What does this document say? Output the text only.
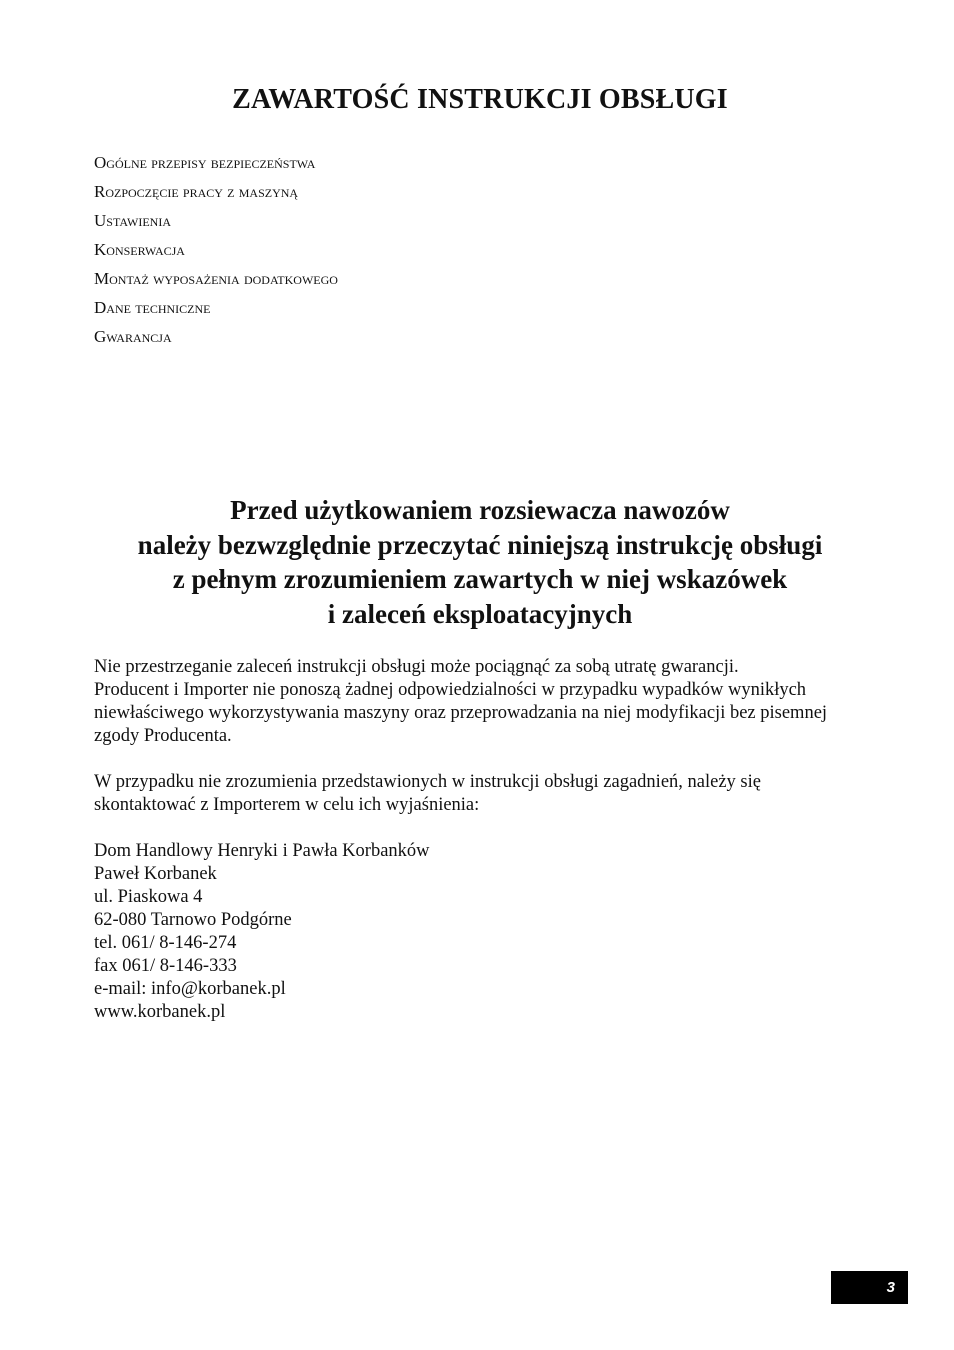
ZAWARTOŚĆ INSTRUKCJI OBSŁUGI
Ogólne przepisy bezpieczeństwa
Rozpoczęcie pracy z maszyną
Ustawienia
Konserwacja
Montaż wyposażenia dodatkowego
Dane techniczne
Gwarancja
Przed użytkowaniem rozsiewacza nawozów
należy bezwzględnie przeczytać niniejszą instrukcję obsługi
z pełnym zrozumieniem zawartych w niej wskazówek
i zaleceń eksploatacyjnych
Nie przestrzeganie zaleceń instrukcji obsługi może pociągnąć za sobą utratę gwarancji.
Producent i Importer nie ponoszą żadnej odpowiedzialności w przypadku wypadków wynikłych
niewłaściwego wykorzystywania maszyny oraz przeprowadzania na niej modyfikacji bez pisemnej
zgody Producenta.
W przypadku nie zrozumienia przedstawionych w instrukcji obsługi zagadnień, należy się
skontaktować z Importerem w celu ich wyjaśnienia:
Dom Handlowy Henryki i Pawła Korbanków
Paweł Korbanek
ul. Piaskowa 4
62-080 Tarnowo Podgórne
tel. 061/ 8-146-274
fax 061/ 8-146-333
e-mail: info@korbanek.pl
www.korbanek.pl
3
